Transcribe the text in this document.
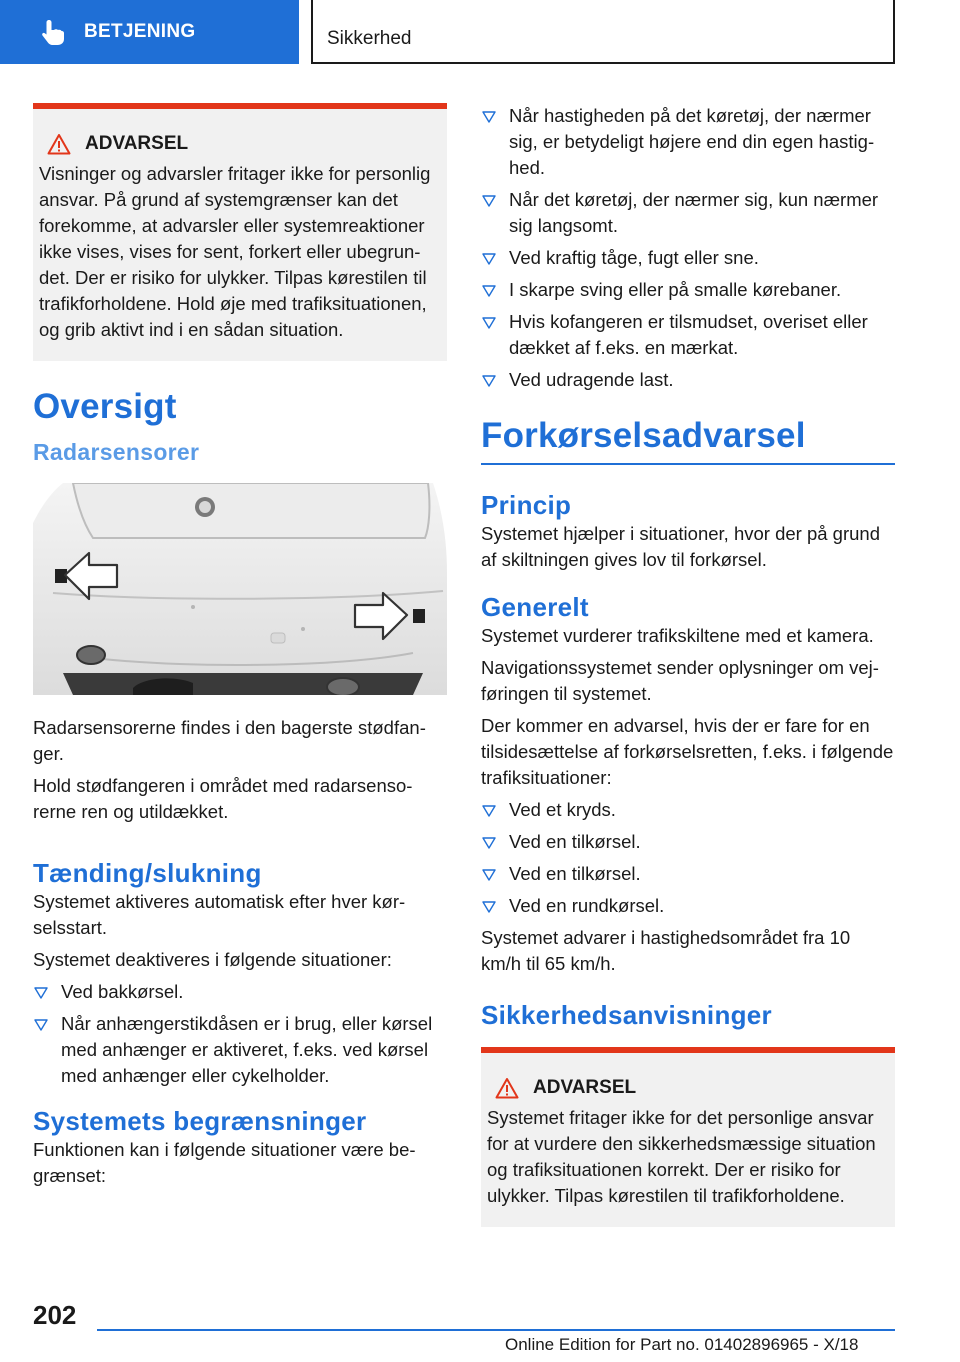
BETJENING	Sikkerhed
ADVARSEL

Visninger og advarsler fritager ikke for personlig ansvar. På grund af systemgrænser kan det forekomme, at advarsler eller systemreaktioner ikke vises, vises for sent, forkert eller ubegrundet. Der er risiko for ulykker. Tilpas kørestilen til trafikforholdene. Hold øje med trafiksituationen, og grib aktivt ind i en sådan situation.

Oversigt
Radarsensorer

Radarsensorerne findes i den bagerste stødfanger.

Hold stødfangeren i området med radarsensorerne ren og utildækket.

Tænding/slukning

Systemet aktiveres automatisk efter hver kørselsstart.

Systemet deaktiveres i følgende situationer:

Ved bakkørsel.
Når anhængerstikdåsen er i brug, eller kørsel med anhænger er aktiveret, f.eks. ved kørsel med anhænger eller cykelholder.
Systemets begrænsninger

Funktionen kan i følgende situationer være begrænset:

Når hastigheden på det køretøj, der nærmer sig, er betydeligt højere end din egen hastighed.
Når det køretøj, der nærmer sig, kun nærmer sig langsomt.
Ved kraftig tåge, fugt eller sne.
I skarpe sving eller på smalle kørebaner.
Hvis kofangeren er tilsmudset, overiset eller dækket af f.eks. en mærkat.
Ved udragende last.
Forkørselsadvarsel
Princip

Systemet hjælper i situationer, hvor der på grund af skiltningen gives lov til forkørsel.

Generelt

Systemet vurderer trafikskiltene med et kamera.

Navigationssystemet sender oplysninger om vejføringen til systemet.

Der kommer en advarsel, hvis der er fare for en tilsidesættelse af forkørselsretten, f.eks. i følgende trafiksituationer:

Ved et kryds.
Ved en tilkørsel.
Ved en tilkørsel.
Ved en rundkørsel.

Systemet advarer i hastighedsområdet fra 10 km/h til 65 km/h.

Sikkerhedsanvisninger
ADVARSEL

Systemet fritager ikke for det personlige ansvar for at vurdere den sikkerhedsmæssige situation og trafiksituationen korrekt. Der er risiko for ulykker. Tilpas kørestilen til trafikforholdene.

202
Online Edition for Part no. 01402896965 - X/18
